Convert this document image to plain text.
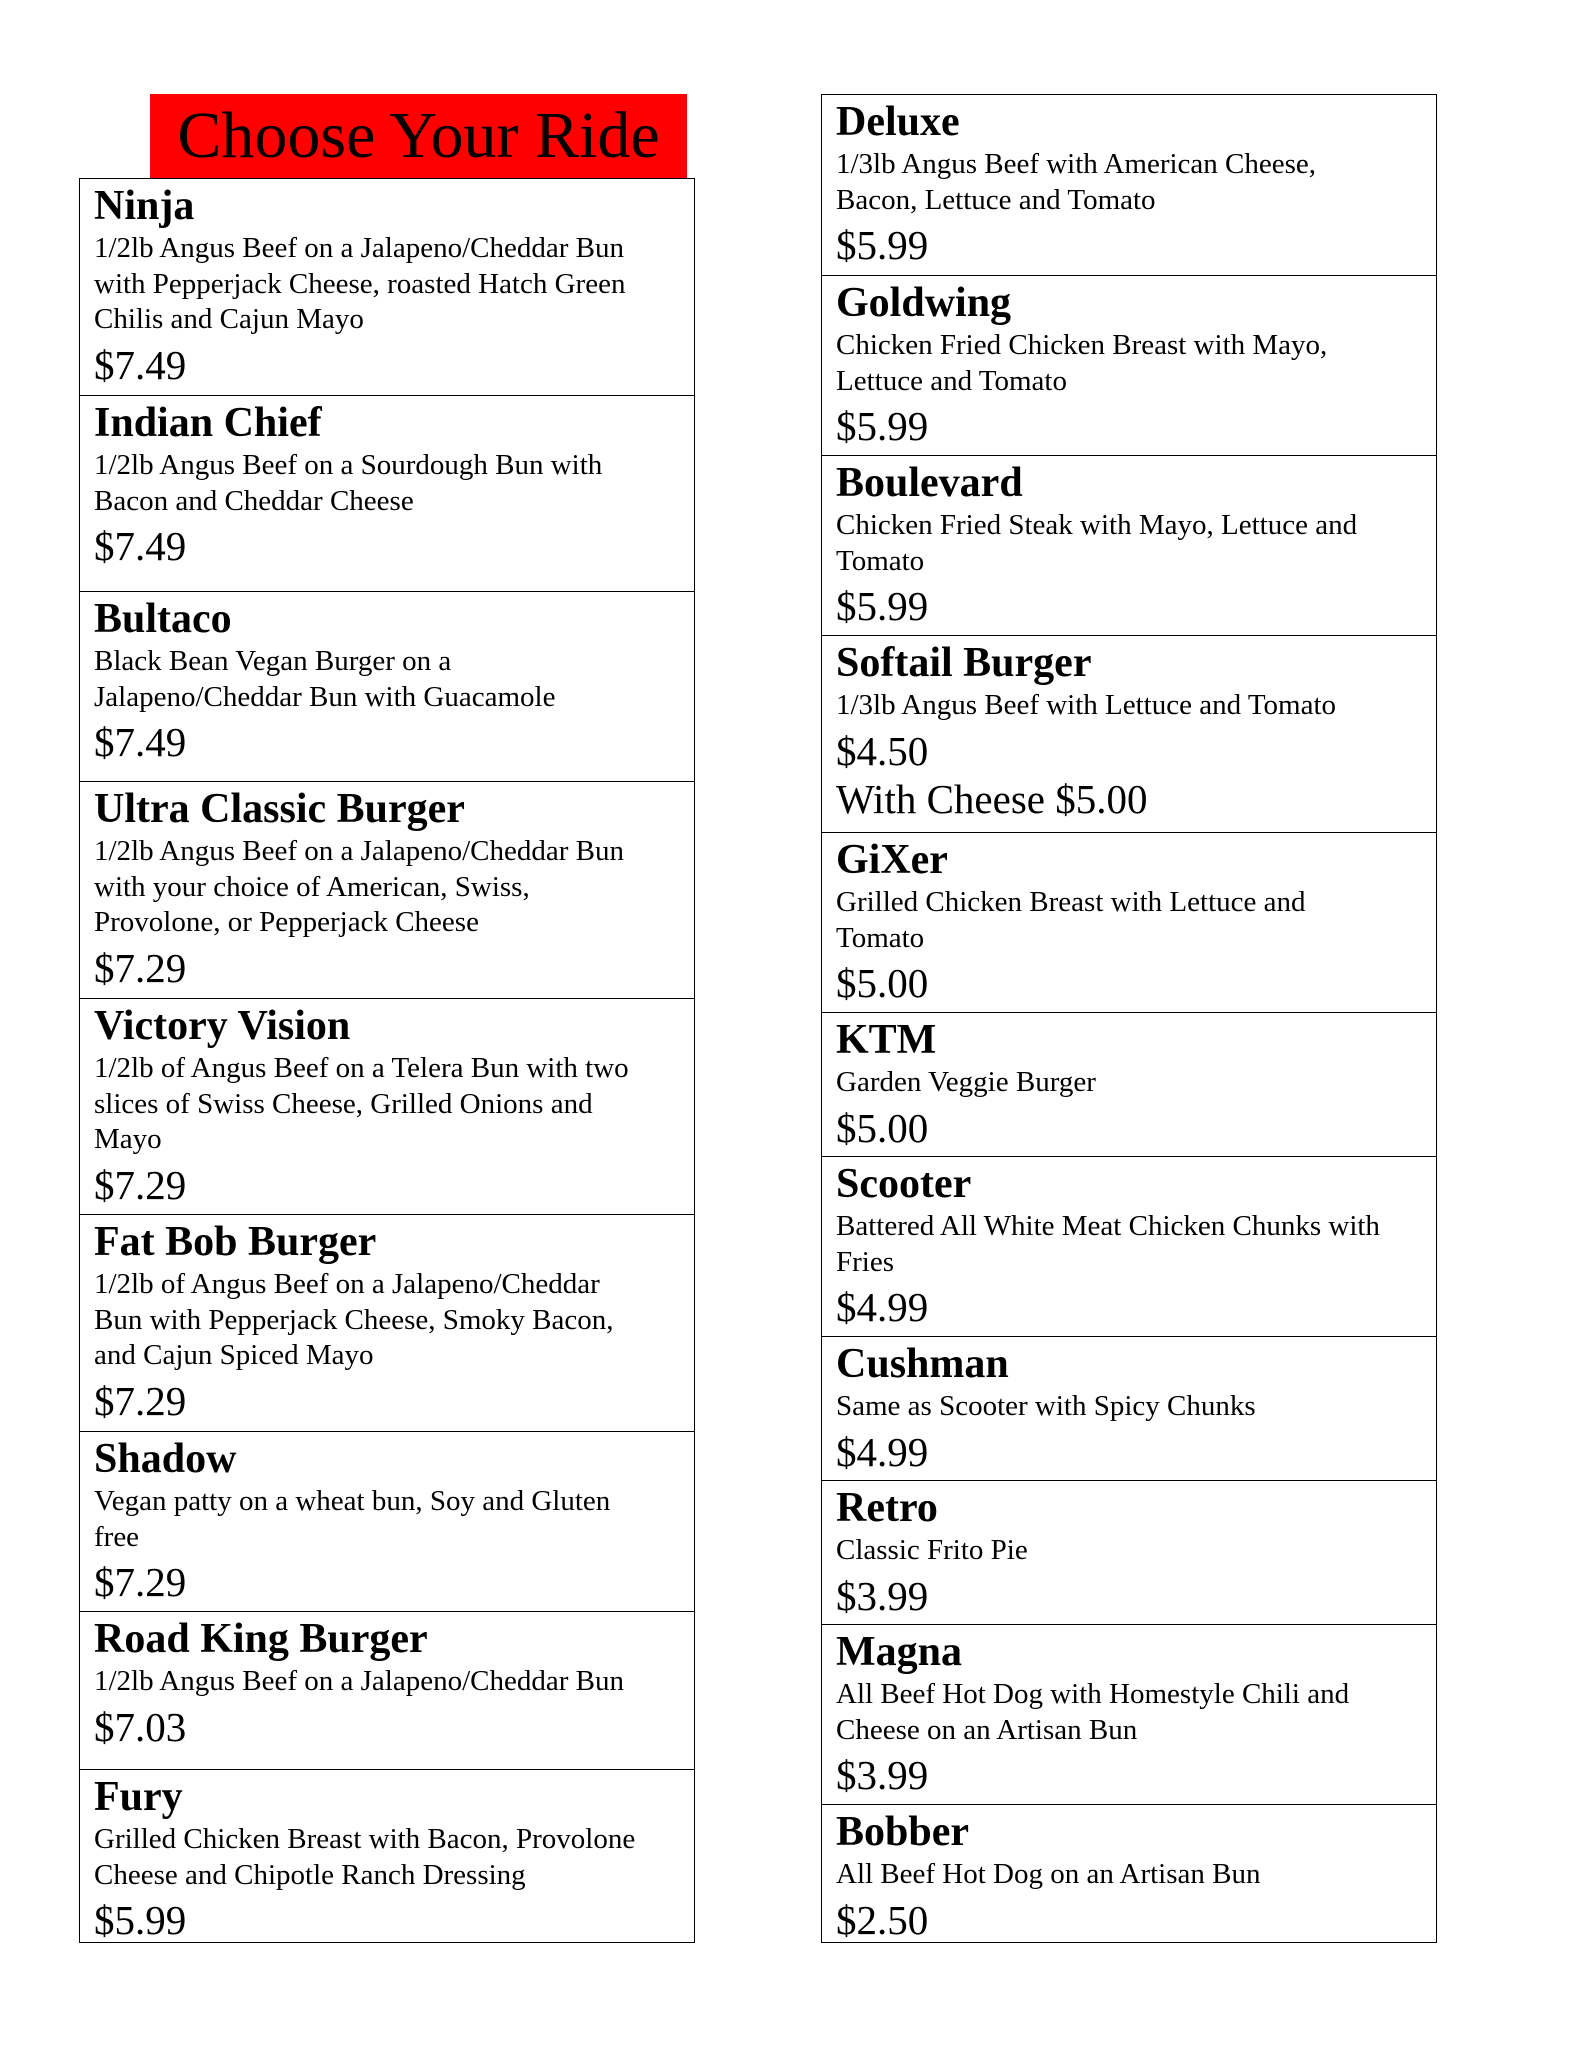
Choose Your Ride
Ninja
1/2lb Angus Beef on a Jalapeno/Cheddar Bun
with Pepperjack Cheese, roasted Hatch Green
Chilis and Cajun Mayo
$7.49
Indian Chief
1/2lb Angus Beef on a Sourdough Bun with
Bacon and Cheddar Cheese
$7.49
Bultaco
Black Bean Vegan Burger on a
Jalapeno/Cheddar Bun with Guacamole
$7.49
Ultra Classic Burger
1/2lb Angus Beef on a Jalapeno/Cheddar Bun
with your choice of American, Swiss,
Provolone, or Pepperjack Cheese
$7.29
Victory Vision
1/2lb of Angus Beef on a Telera Bun with two
slices of Swiss Cheese, Grilled Onions and
Mayo
$7.29
Fat Bob Burger
1/2lb of Angus Beef on a Jalapeno/Cheddar
Bun with Pepperjack Cheese, Smoky Bacon,
and Cajun Spiced Mayo
$7.29
Shadow
Vegan patty on a wheat bun, Soy and Gluten
free
$7.29
Road King Burger
1/2lb Angus Beef on a Jalapeno/Cheddar Bun
$7.03
Fury
Grilled Chicken Breast with Bacon, Provolone
Cheese and Chipotle Ranch Dressing
$5.99
Deluxe
1/3lb Angus Beef with American Cheese,
Bacon, Lettuce and Tomato
$5.99
Goldwing
Chicken Fried Chicken Breast with Mayo,
Lettuce and Tomato
$5.99
Boulevard
Chicken Fried Steak with Mayo, Lettuce and
Tomato
$5.99
Softail Burger
1/3lb Angus Beef with Lettuce and Tomato
$4.50
With Cheese $5.00
GiXer
Grilled Chicken Breast with Lettuce and
Tomato
$5.00
KTM
Garden Veggie Burger
$5.00
Scooter
Battered All White Meat Chicken Chunks with
Fries
$4.99
Cushman
Same as Scooter with Spicy Chunks
$4.99
Retro
Classic Frito Pie
$3.99
Magna
All Beef Hot Dog with Homestyle Chili and
Cheese on an Artisan Bun
$3.99
Bobber
All Beef Hot Dog on an Artisan Bun
$2.50
